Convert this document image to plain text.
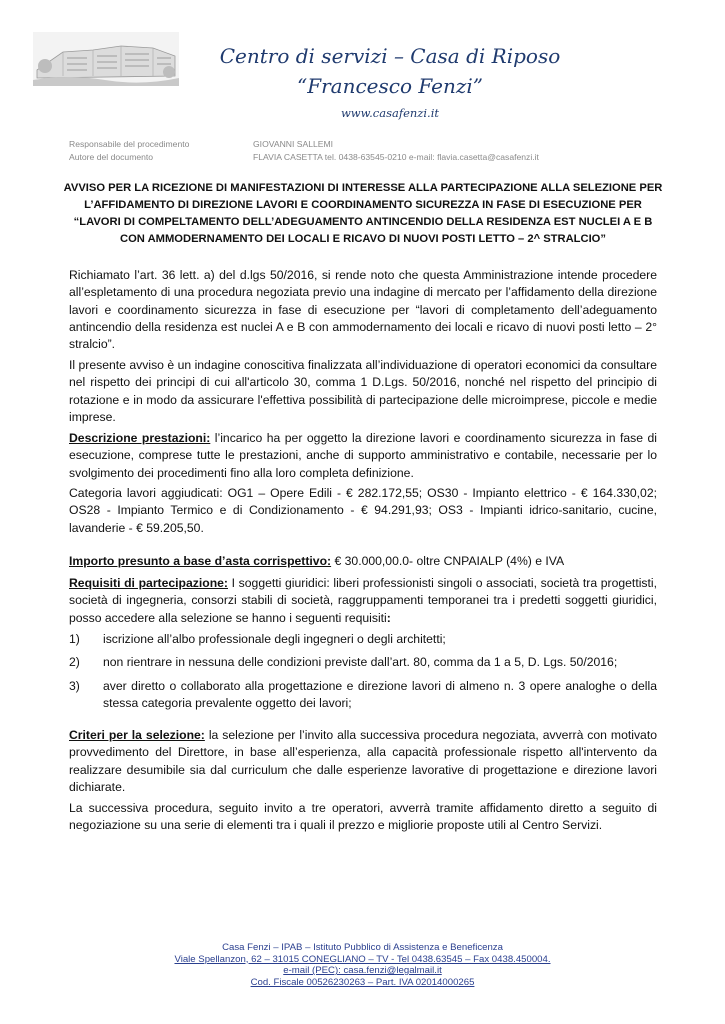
Centro di servizi – Casa di Riposo
“Francesco Fenzi”
www.casafenzi.it
Responsabile del procedimento	GIOVANNI SALLEMI
Autore del documento	FLAVIA CASETTA tel. 0438-63545-0210 e-mail: flavia.casetta@casafenzi.it
AVVISO PER LA RICEZIONE DI MANIFESTAZIONI DI INTERESSE ALLA PARTECIPAZIONE ALLA SELEZIONE PER
L’AFFIDAMENTO DI DIREZIONE LAVORI E COORDINAMENTO SICUREZZA IN FASE DI ESECUZIONE PER
“LAVORI DI COMPELTAMENTO DELL’ADEGUAMENTO ANTINCENDIO DELLA RESIDENZA EST NUCLEI A E B
CON AMMODERNAMENTO DEI LOCALI E RICAVO DI NUOVI POSTI LETTO – 2^ STRALCIO”

Richiamato l’art. 36 lett. a) del d.lgs 50/2016, si rende noto che questa Amministrazione intende procedere all’espletamento di una procedura negoziata previo una indagine di mercato per l’affidamento della direzione lavori e coordinamento sicurezza in fase di esecuzione per “lavori di completamento dell’adeguamento antincendio della residenza est nuclei A e B con ammodernamento dei locali e ricavo di nuovi posti letto – 2° stralcio”.

Il presente avviso è un indagine conoscitiva finalizzata all’individuazione di operatori economici da consultare nel rispetto dei principi di cui all'articolo 30, comma 1 D.Lgs. 50/2016, nonché nel rispetto del principio di rotazione e in modo da assicurare l'effettiva possibilità di partecipazione delle microimprese, piccole e medie imprese.

Descrizione prestazioni: l’incarico ha per oggetto la direzione lavori e coordinamento sicurezza in fase di esecuzione, comprese tutte le prestazioni, anche di supporto amministrativo e contabile, necessarie per lo svolgimento dei procedimenti fino alla loro completa definizione.

Categoria lavori aggiudicati: OG1 – Opere Edili - € 282.172,55; OS30 - Impianto elettrico - € 164.330,02; OS28 - Impianto Termico e di Condizionamento - € 94.291,93; OS3 - Impianti idrico-sanitario, cucine, lavanderie - € 59.205,50.

Importo presunto a base d’asta corrispettivo: € 30.000,00.0- oltre CNPAIALP (4%) e IVA

Requisiti di partecipazione: I soggetti giuridici: liberi professionisti singoli o associati, società tra progettisti, società di ingegneria, consorzi stabili di società, raggruppamenti temporanei tra i predetti soggetti giuridici, posso accedere alla selezione se hanno i seguenti requisiti:

1)	iscrizione all’albo professionale degli ingegneri o degli architetti;
2)	non rientrare in nessuna delle condizioni previste dall’art. 80, comma da 1 a 5, D. Lgs. 50/2016;
3)	aver diretto o collaborato alla progettazione e direzione lavori di almeno n. 3 opere analoghe o della stessa categoria prevalente oggetto dei lavori;

Criteri per la selezione: la selezione per l’invito alla successiva procedura negoziata, avverrà con motivato provvedimento del Direttore, in base all’esperienza, alla capacità professionale rispetto all'intervento da realizzare desumibile sia dal curriculum che dalle esperienze lavorative di progettazione e direzione lavori dichiarate.

La successiva procedura, seguito invito a tre operatori, avverrà tramite affidamento diretto a seguito di negoziazione su una serie di elementi tra i quali il prezzo e migliorie proposte utili al Centro Servizi.

Casa Fenzi – IPAB – Istituto Pubblico di Assistenza e Beneficenza
Viale Spellanzon, 62 – 31015 CONEGLIANO – TV - Tel 0438.63545 – Fax 0438.450004.
e-mail (PEC): casa.fenzi@legalmail.it
Cod. Fiscale 00526230263 – Part. IVA 02014000265
